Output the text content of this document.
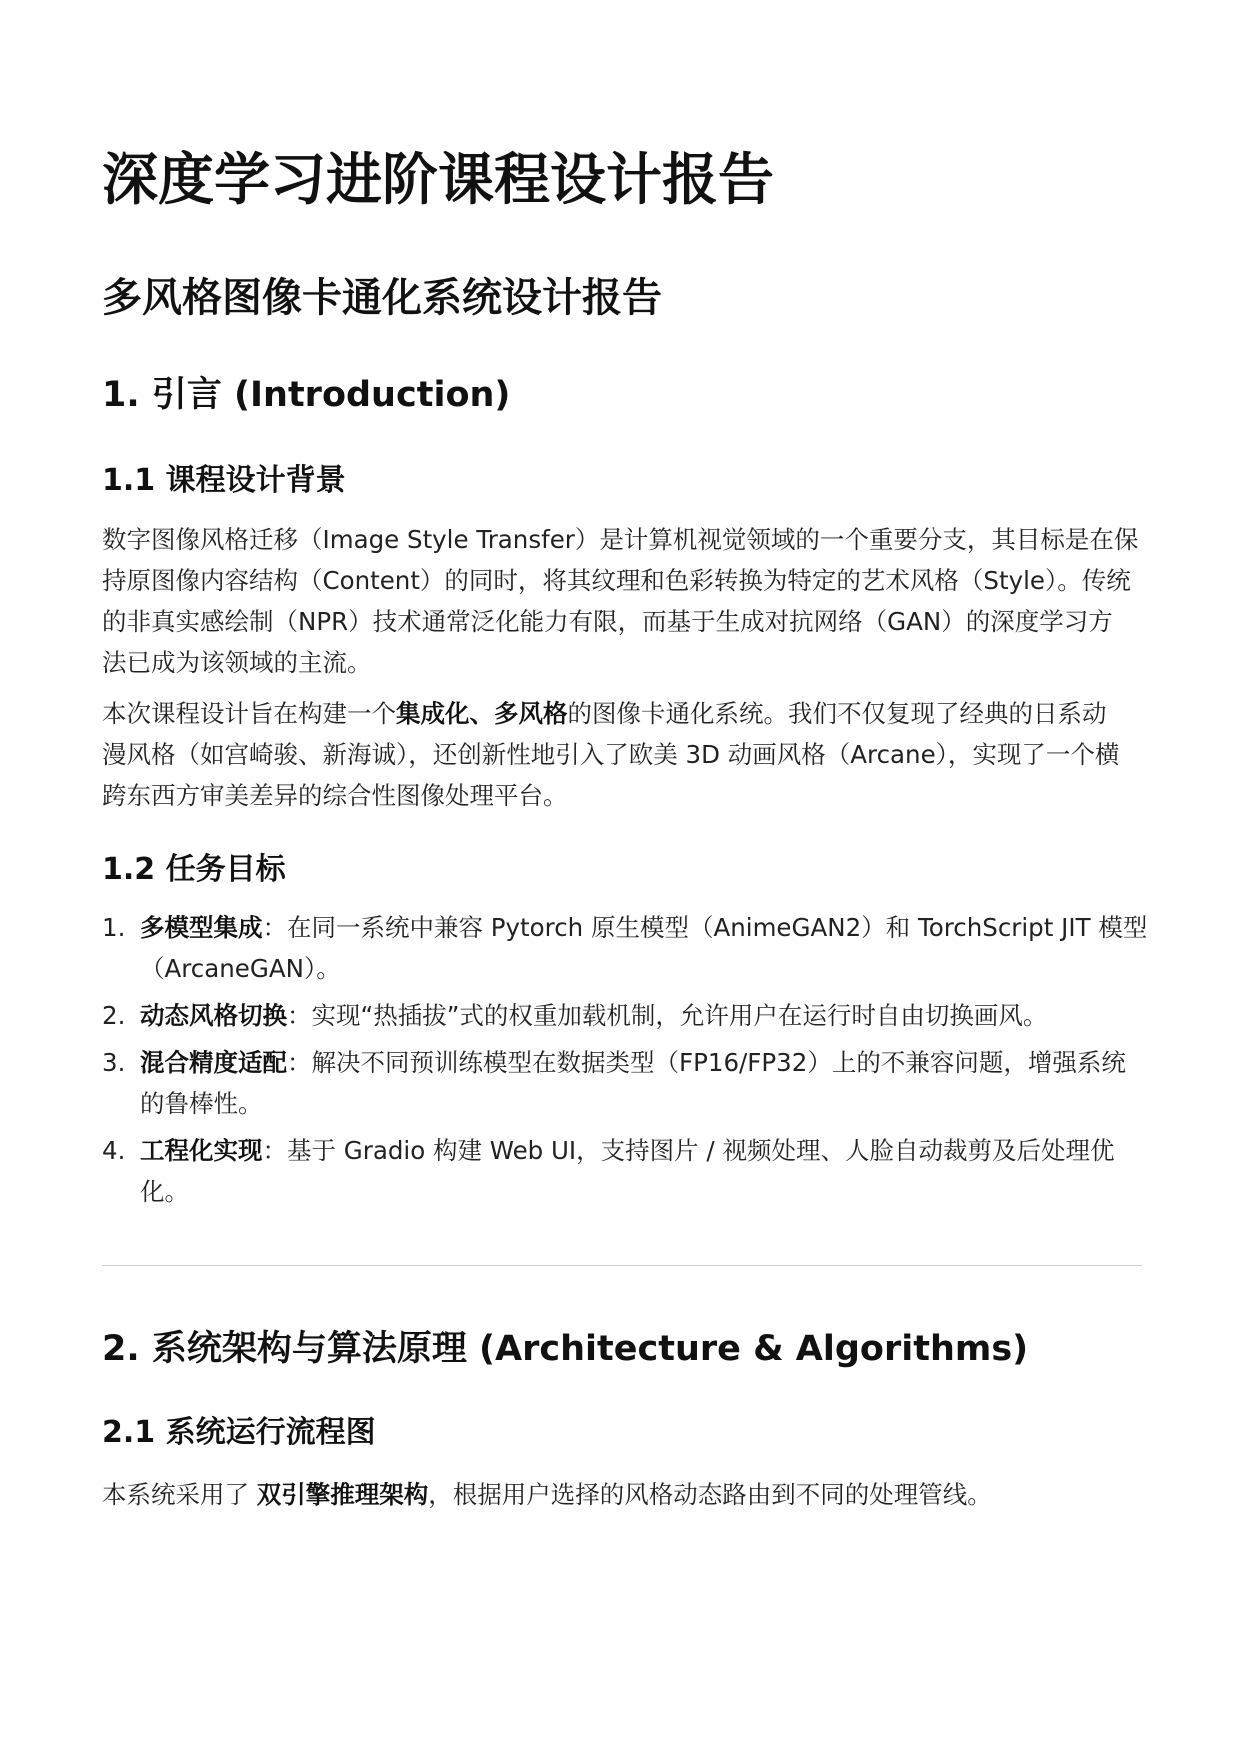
深度学习进阶课程设计报告
多风格图像卡通化系统设计报告
1. 引言 (Introduction)
1.1 课程设计背景
数字图像风格迁移（Image Style Transfer）是计算机视觉领域的一个重要分支，其目标是在保
持原图像内容结构（Content）的同时，将其纹理和色彩转换为特定的艺术风格（Style）。传统
的非真实感绘制（NPR）技术通常泛化能力有限，而基于生成对抗网络（GAN）的深度学习方
法已成为该领域的主流。
本次课程设计旨在构建一个集成化、多风格的图像卡通化系统。我们不仅复现了经典的日系动
漫风格（如宫崎骏、新海诚），还创新性地引入了欧美 3D 动画风格（Arcane），实现了一个横
跨东西方审美差异的综合性图像处理平台。
1.2 任务目标
1. 多模型集成：在同一系统中兼容 Pytorch 原生模型（AnimeGAN2）和 TorchScript JIT 模型
（ArcaneGAN）。
2. 动态风格切换：实现“热插拔”式的权重加载机制，允许用户在运行时自由切换画风。
3. 混合精度适配：解决不同预训练模型在数据类型（FP16/FP32）上的不兼容问题，增强系统
的鲁棒性。
4. 工程化实现：基于 Gradio 构建 Web UI，支持图片 / 视频处理、人脸自动裁剪及后处理优
化。
2. 系统架构与算法原理 (Architecture & Algorithms)
2.1 系统运行流程图
本系统采用了 双引擎推理架构，根据用户选择的风格动态路由到不同的处理管线。
